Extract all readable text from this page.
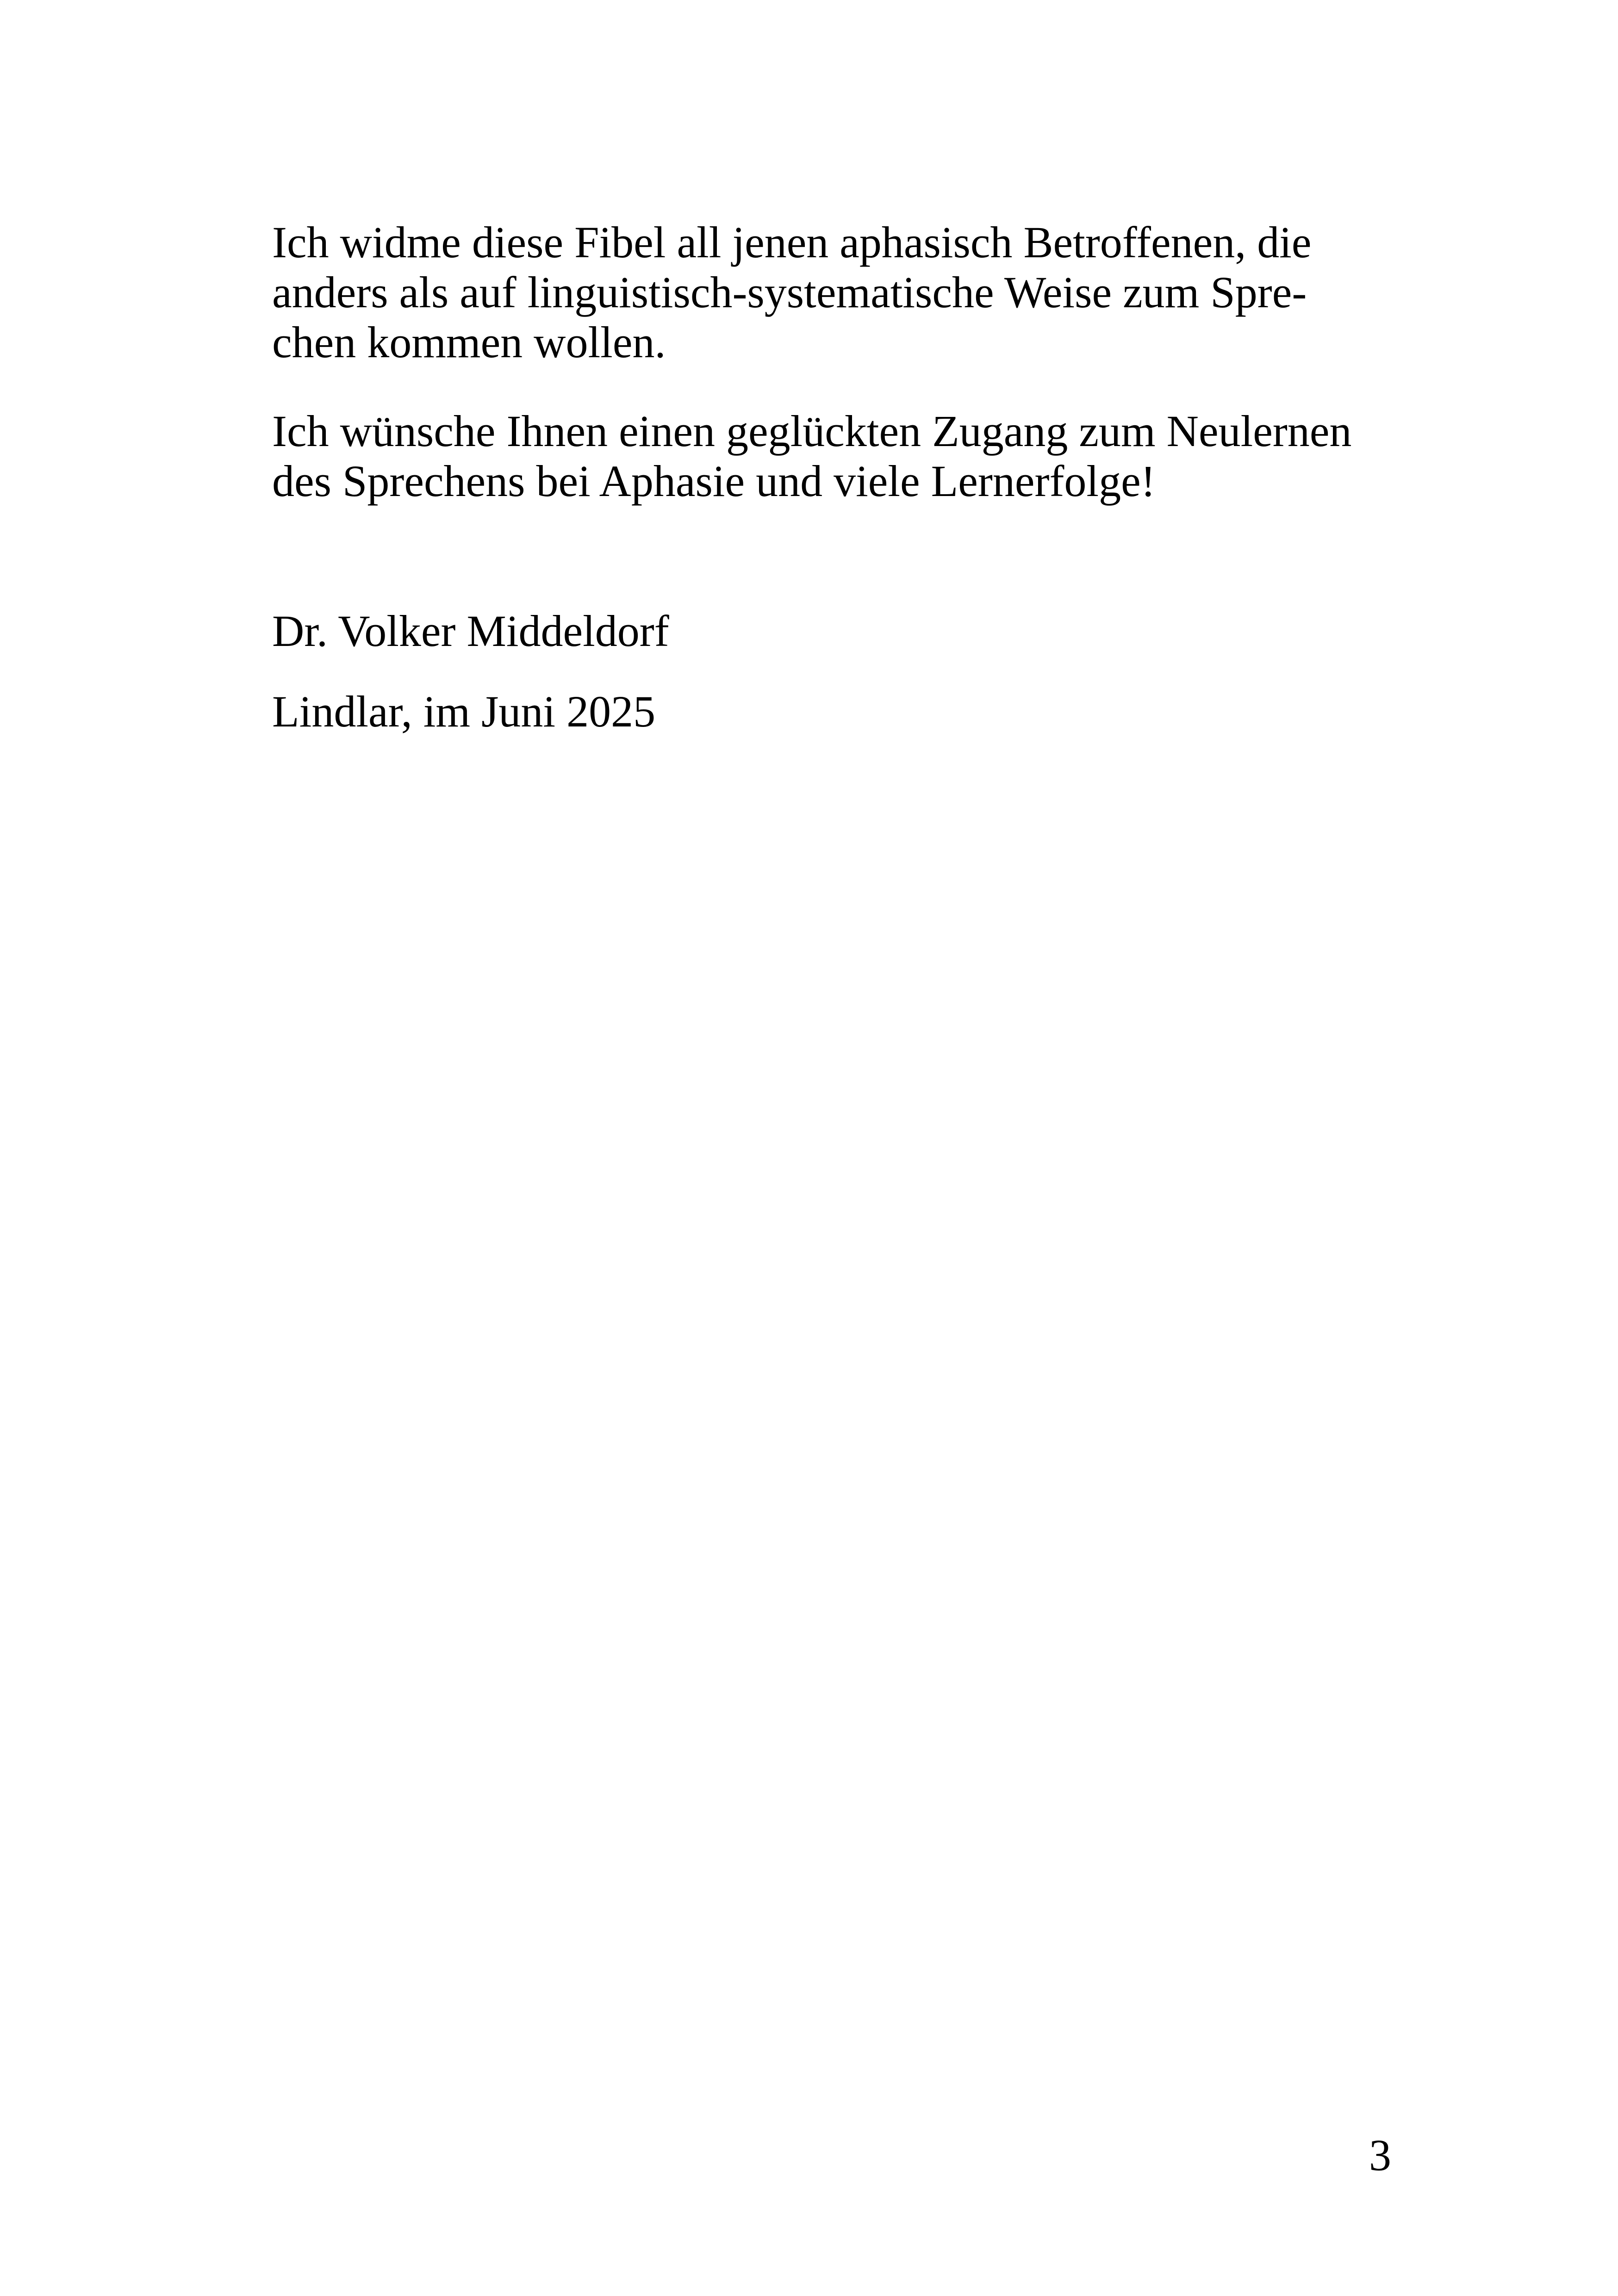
Ich widme diese Fibel all jenen aphasisch Betroffenen, die
anders als auf linguistisch-systematische Weise zum Spre-
chen kommen wollen.
Ich wünsche Ihnen einen geglückten Zugang zum Neulernen
des Sprechens bei Aphasie und viele Lernerfolge!
Dr. Volker Middeldorf
Lindlar, im Juni 2025
3
